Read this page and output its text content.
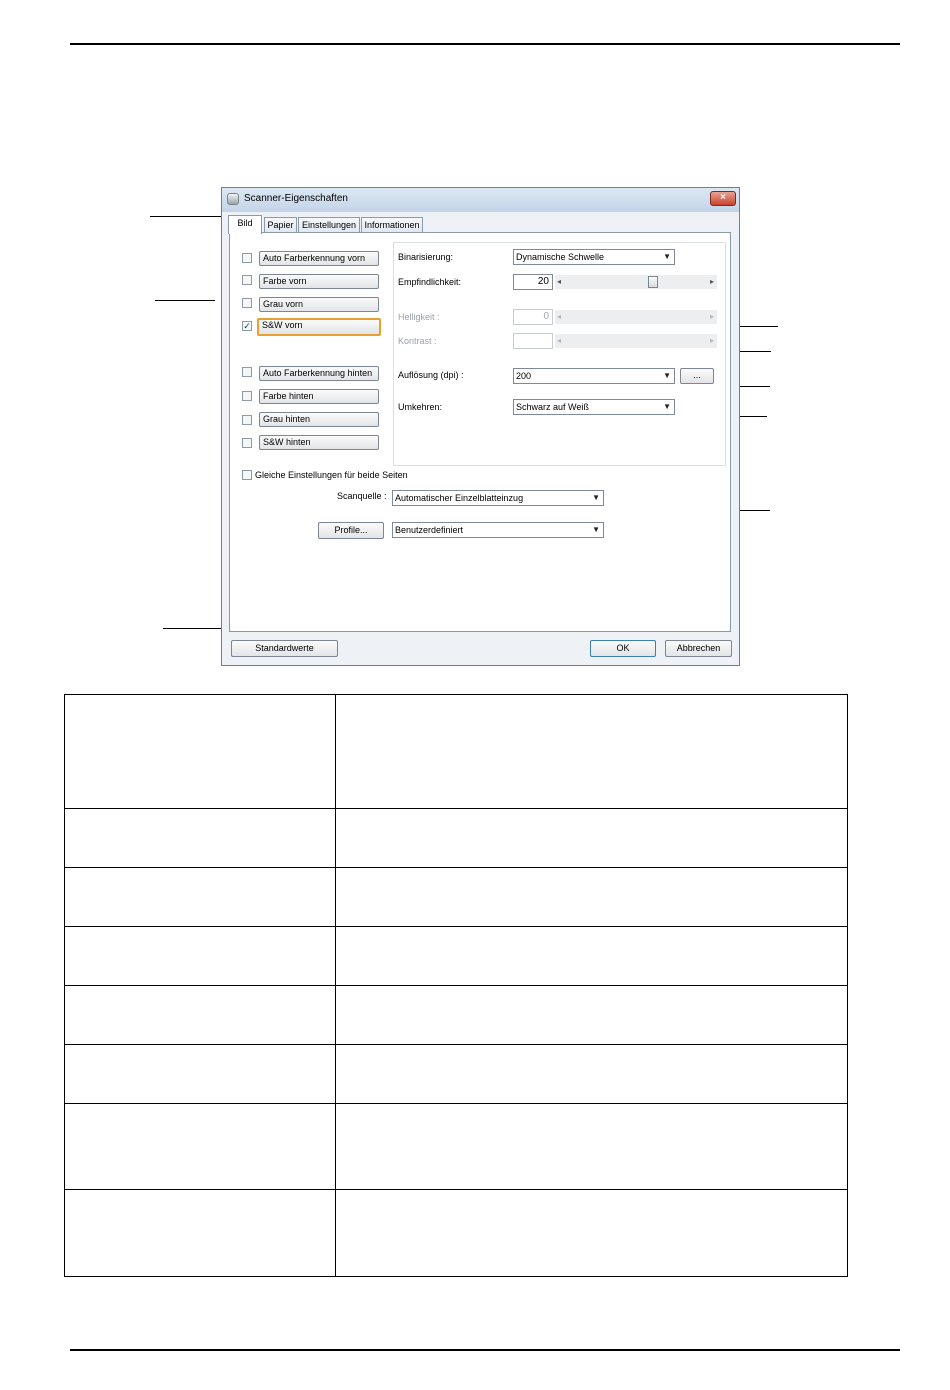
Scanner-Eigenschaften	×
Bild	Papier Einstellungen Informationen
Auto Farberkennung vorn
Farbe vorn
Grau vorn
✓	S&W vorn
Auto Farberkennung hinten
Farbe hinten
Grau hinten
S&W hinten
Binarisierung:	Dynamische Schwelle	▼
Empfindlichkeit:	20	◂	▸
Helligkeit :	0	◂	▸
Kontrast :	◂	▸
Auflösung (dpi) :	200	▼	...
Umkehren:	Schwarz auf Weiß	▼
Gleiche Einstellungen für beide Seiten
Scanquelle : Automatischer Einzelblatteinzug	▼
Profile...	Benutzerdefiniert	▼
Standardwerte	OK	Abbrechen
